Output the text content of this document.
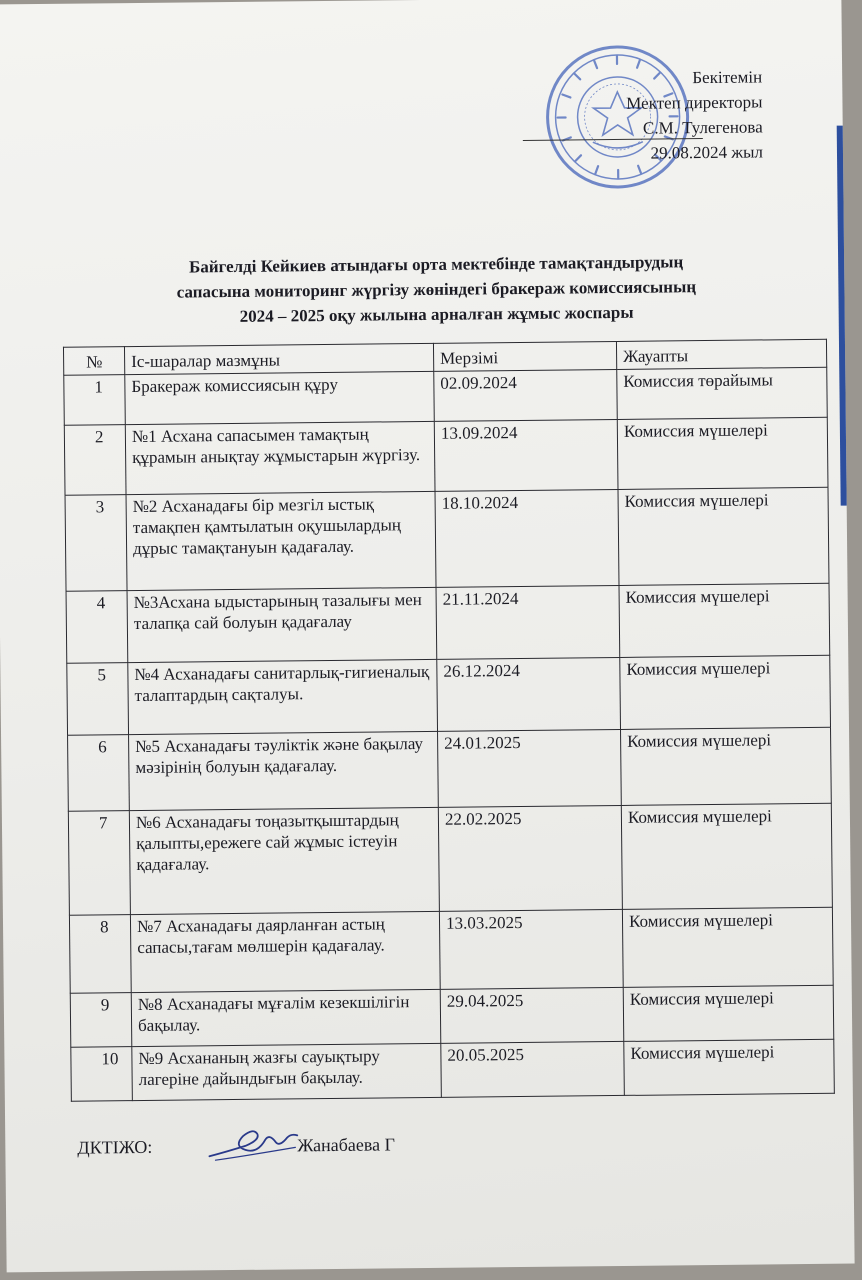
Бекітемін
Мектеп директоры
С.М. Тулегенова
29.08.2024 жыл
Байгелді Кейкиев атындағы орта мектебінде тамақтандырудың
сапасына мониторинг жүргізу жөніндегі бракераж комиссиясының
2024 – 2025 оқу жылына арналған жұмыс жоспары
№	Іс-шаралар мазмұны	Мерзімі	Жауапты
1	Бракераж комиссиясын құру	02.09.2024	Комиссия төрайымы
2	№1 Асхана сапасымен тамақтың құрамын анықтау жұмыстарын жүргізу.	13.09.2024	Комиссия мүшелері
3	№2 Асханадағы бір мезгіл ыстық тамақпен қамтылатын оқушылардың дұрыс тамақтануын қадағалау.	18.10.2024	Комиссия мүшелері
4	№3Асхана ыдыстарының тазалығы мен талапқа сай болуын қадағалау	21.11.2024	Комиссия мүшелері
5	№4 Асханадағы санитарлық-гигиеналық талаптардың сақталуы.	26.12.2024	Комиссия мүшелері
6	№5 Асханадағы тәуліктік және бақылау мәзірінің болуын қадағалау.	24.01.2025	Комиссия мүшелері
7	№6 Асханадағы тоңазытқыштардың қалыпты,ережеге сай жұмыс істеуін қадағалау.	22.02.2025	Комиссия мүшелері
8	№7 Асханадағы даярланған астың сапасы,тағам мөлшерін қадағалау.	13.03.2025	Комиссия мүшелері
9	№8 Асханадағы мұғалім кезекшілігін бақылау.	29.04.2025	Комиссия мүшелері
10	№9 Асхананың жазғы сауықтыру лагеріне дайындығын бақылау.	20.05.2025	Комиссия мүшелері
ДКТІЖО:	Жанабаева Г
